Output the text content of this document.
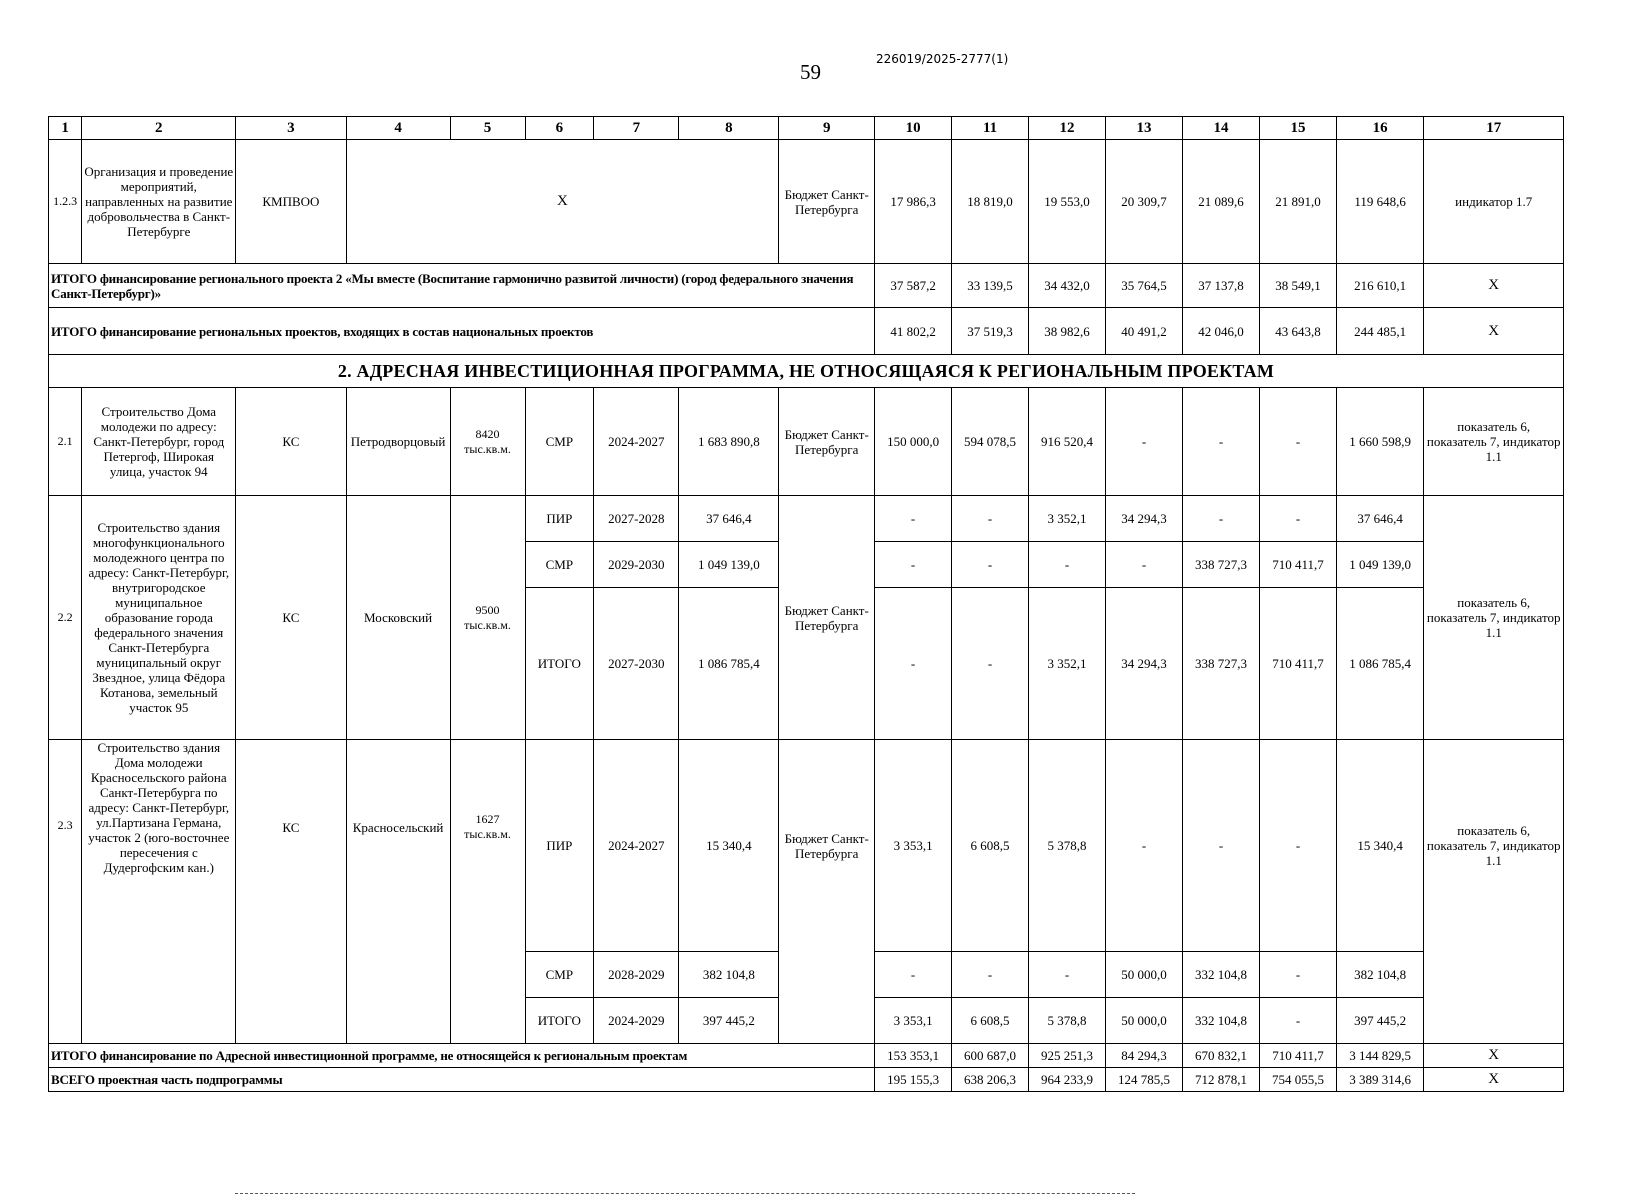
59
226019/2025-2777(1)
1	2	3	4	5	6	7	8	9	10	11	12	13	14	15	16	17
1.2.3	Организация и проведение мероприятий, направленных на развитие добровольчества в Санкт-Петербурге	КМПВОО	Х					Бюджет Санкт-Петербурга	17 986,3	18 819,0	19 553,0	20 309,7	21 089,6	21 891,0	119 648,6	индикатор 1.7
ИТОГО финансирование регионального проекта 2 «Мы вместе (Воспитание гармонично развитой личности) (город федерального значения Санкт-Петербург)»									37 587,2	33 139,5	34 432,0	35 764,5	37 137,8	38 549,1	216 610,1	Х
ИТОГО финансирование региональных проектов, входящих в состав национальных проектов									41 802,2	37 519,3	38 982,6	40 491,2	42 046,0	43 643,8	244 485,1	Х
2. АДРЕСНАЯ ИНВЕСТИЦИОННАЯ ПРОГРАММА, НЕ ОТНОСЯЩАЯСЯ К РЕГИОНАЛЬНЫМ ПРОЕКТАМ																
2.1	Строительство Дома молодежи по адресу: Санкт-Петербург, город Петергоф, Широкая улица, участок 94	КС	Петродворцовый	8420 тыс.кв.м.	СМР	2024-2027	1 683 890,8	Бюджет Санкт-Петербурга	150 000,0	594 078,5	916 520,4	-	-	-	1 660 598,9	показатель 6, показатель 7, индикатор 1.1
2.2	Строительство здания многофункционального молодежного центра по адресу: Санкт-Петербург, внутригородское муниципальное образование города федерального значения Санкт-Петербурга муниципальный округ Звездное, улица Фёдора Котанова, земельный участок 95	КС	Московский	9500 тыс.кв.м.	ПИР	2027-2028	37 646,4	Бюджет Санкт-Петербурга	-	-	3 352,1	34 294,3	-	-	37 646,4	показатель 6, показатель 7, индикатор 1.1
					СМР	2029-2030	1 049 139,0		-	-	-	-	338 727,3	710 411,7	1 049 139,0	
					ИТОГО	2027-2030	1 086 785,4		-	-	3 352,1	34 294,3	338 727,3	710 411,7	1 086 785,4	
2.3	Строительство здания Дома молодежи Красносельского района Санкт-Петербурга по адресу: Санкт-Петербург, ул.Партизана Германа, участок 2 (юго-восточнее пересечения с Дудергофским кан.)	КС	Красносельский	1627 тыс.кв.м.	ПИР	2024-2027	15 340,4	Бюджет Санкт-Петербурга	3 353,1	6 608,5	5 378,8	-	-	-	15 340,4	показатель 6, показатель 7, индикатор 1.1
					СМР	2028-2029	382 104,8		-	-	-	50 000,0	332 104,8	-	382 104,8	
					ИТОГО	2024-2029	397 445,2		3 353,1	6 608,5	5 378,8	50 000,0	332 104,8	-	397 445,2	
ИТОГО финансирование по Адресной инвестиционной программе, не относящейся к региональным проектам									153 353,1	600 687,0	925 251,3	84 294,3	670 832,1	710 411,7	3 144 829,5	Х
ВСЕГО проектная часть подпрограммы									195 155,3	638 206,3	964 233,9	124 785,5	712 878,1	754 055,5	3 389 314,6	Х
